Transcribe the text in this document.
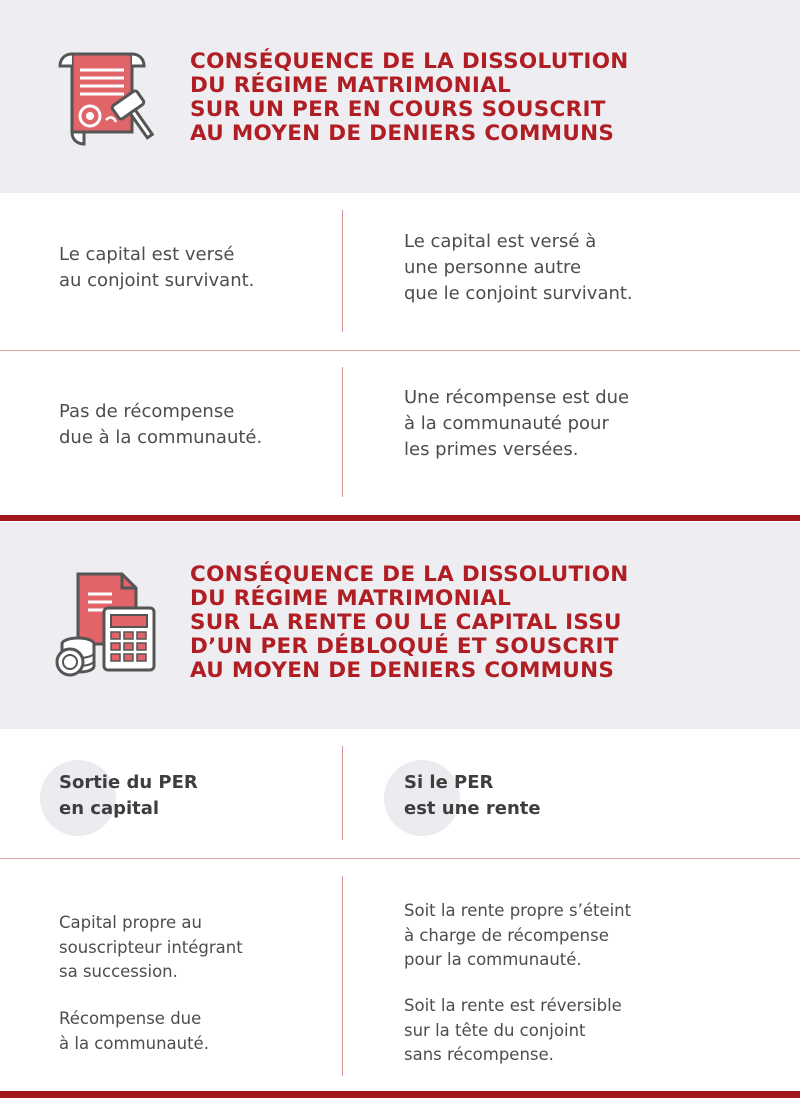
CONSÉQUENCE DE LA DISSOLUTION
DU RÉGIME MATRIMONIAL
SUR UN PER EN COURS SOUSCRIT
AU MOYEN DE DENIERS COMMUNS

Le capital est versé
au conjoint survivant.

Le capital est versé à
une personne autre
que le conjoint survivant.

Pas de récompense
due à la communauté.

Une récompense est due
à la communauté pour
les primes versées.

CONSÉQUENCE DE LA DISSOLUTION
DU RÉGIME MATRIMONIAL
SUR LA RENTE OU LE CAPITAL ISSU
D’UN PER DÉBLOQUÉ ET SOUSCRIT
AU MOYEN DE DENIERS COMMUNS

Sortie du PER
en capital

Si le PER
est une rente

Capital propre au
souscripteur intégrant
sa succession.

Récompense due
à la communauté.

Soit la rente propre s’éteint
à charge de récompense
pour la communauté.

Soit la rente est réversible
sur la tête du conjoint
sans récompense.
